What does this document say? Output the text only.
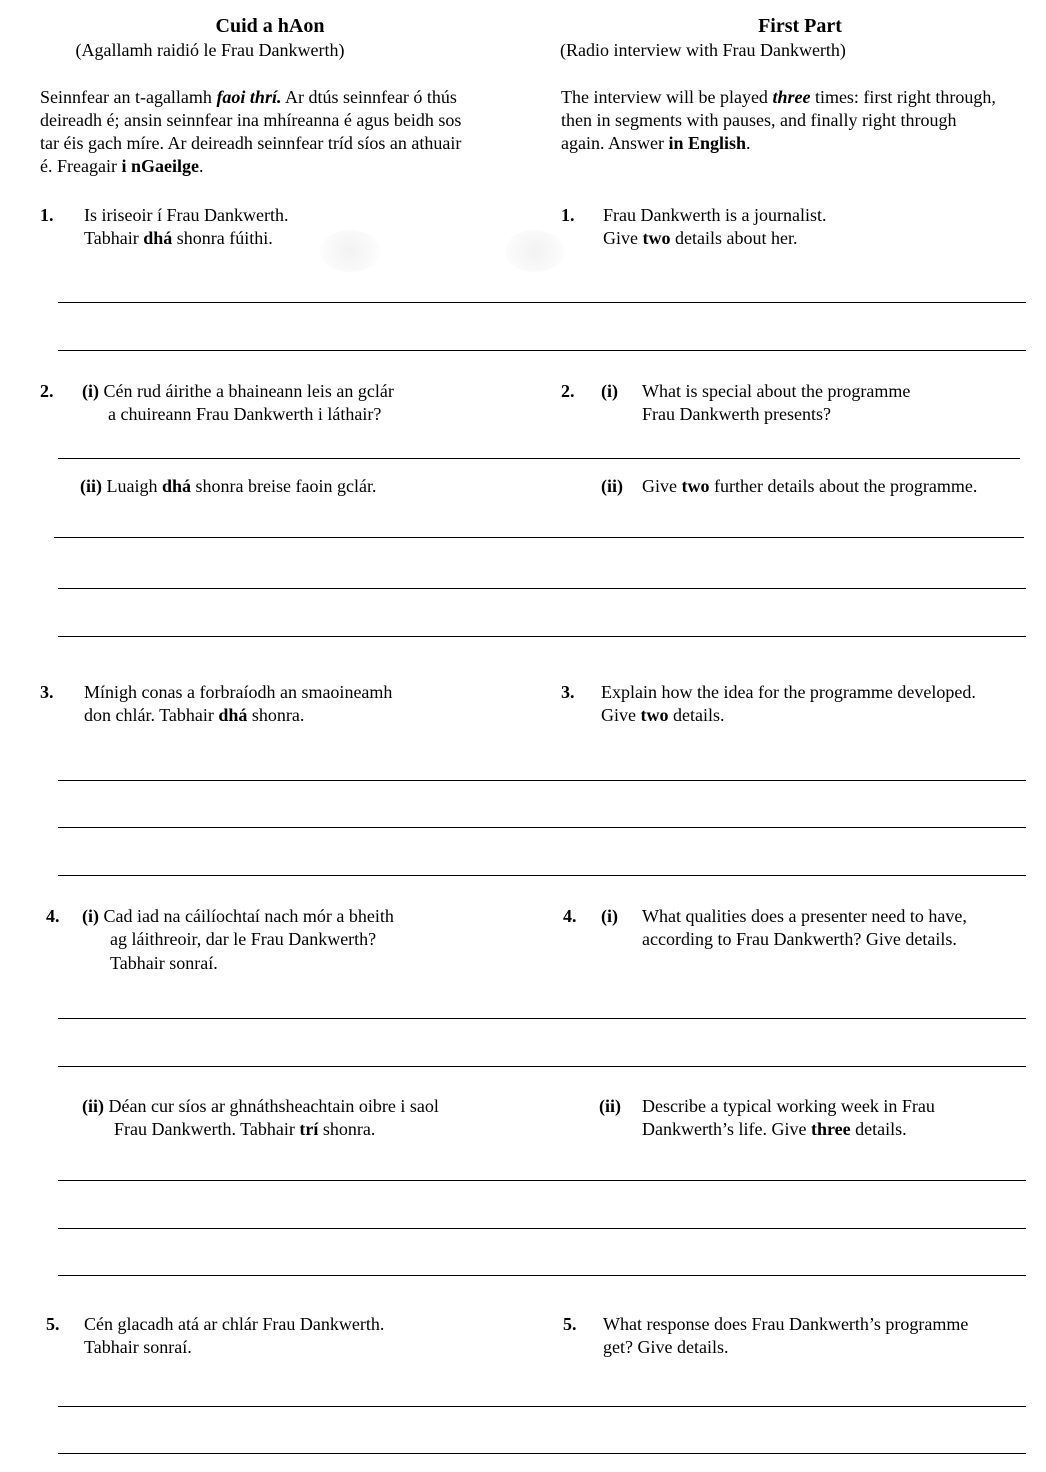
Cuid a hAon
(Agallamh raidió le Frau Dankwerth)
First Part
(Radio interview with Frau Dankwerth)
Seinnfear an t-agallamh faoi thrí. Ar dtús seinnfear ó thús
deireadh é; ansin seinnfear ina mhíreanna é agus beidh sos
tar éis gach míre. Ar deireadh seinnfear tríd síos an athuair
é. Freagair i nGaeilge.
The interview will be played three times: first right through,
then in segments with pauses, and finally right through
again. Answer in English.
1. Is iriseoir í Frau Dankwerth.
Tabhair dhá shonra fúithi.
1. Frau Dankwerth is a journalist.
Give two details about her.
2. (i) Cén rud áirithe a bhaineann leis an gclár
a chuireann Frau Dankwerth i láthair?
2. (i) What is special about the programme
Frau Dankwerth presents?
(ii) Luaigh dhá shonra breise faoin gclár.	(ii) Give two further details about the programme.
3. Mínigh conas a forbraíodh an smaoineamh
don chlár. Tabhair dhá shonra.
3. Explain how the idea for the programme developed.
Give two details.
4. (i) Cad iad na cáilíochtaí nach mór a bheith
ag láithreoir, dar le Frau Dankwerth?
Tabhair sonraí.
4. (i) What qualities does a presenter need to have,
according to Frau Dankwerth? Give details.
(ii) Déan cur síos ar ghnáthsheachtain oibre i saol
Frau Dankwerth. Tabhair trí shonra.
(ii) Describe a typical working week in Frau
Dankwerth’s life. Give three details.
5. Cén glacadh atá ar chlár Frau Dankwerth.
Tabhair sonraí.
5. What response does Frau Dankwerth’s programme
get? Give details.
